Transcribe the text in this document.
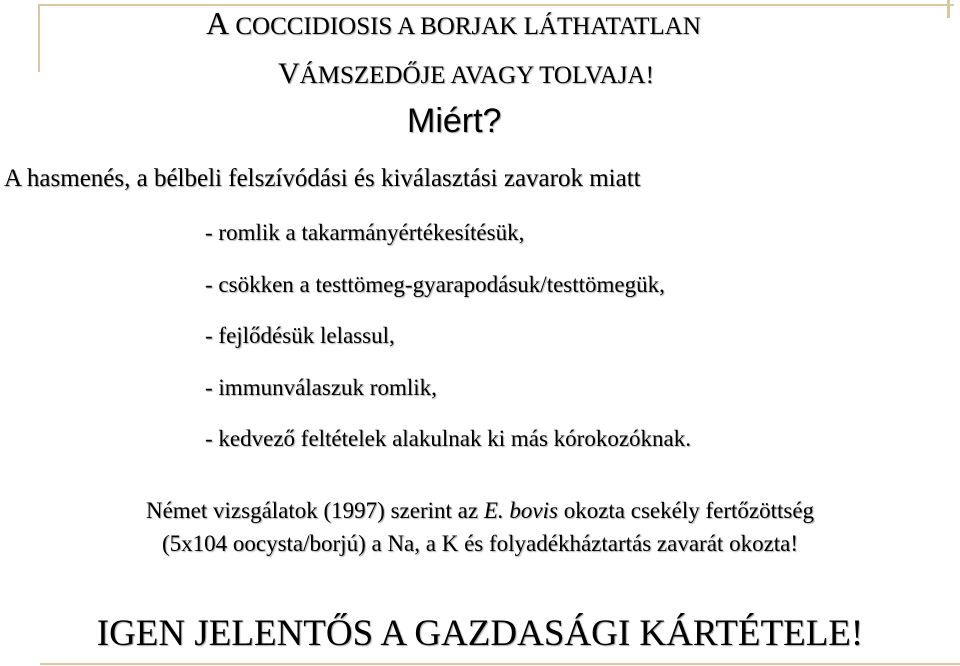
A COCCIDIOSIS A BORJAK LÁTHATATLAN
VÁMSZEDŐJE AVAGY TOLVAJA!
Miért?

A hasmenés, a bélbeli felszívódási és kiválasztási zavarok miatt

- romlik a takarmányértékesítésük,
- csökken a testtömeg-gyarapodásuk/testtömegük,
- fejlődésük lelassul,
- immunválaszuk romlik,
- kedvező feltételek alakulnak ki más kórokozóknak.

Német vizsgálatok (1997) szerint az E. bovis okozta csekély fertőzöttség
(5x104 oocysta/borjú) a Na, a K és folyadékháztartás zavarát okozta!

IGEN JELENTŐS A GAZDASÁGI KÁRTÉTELE!
